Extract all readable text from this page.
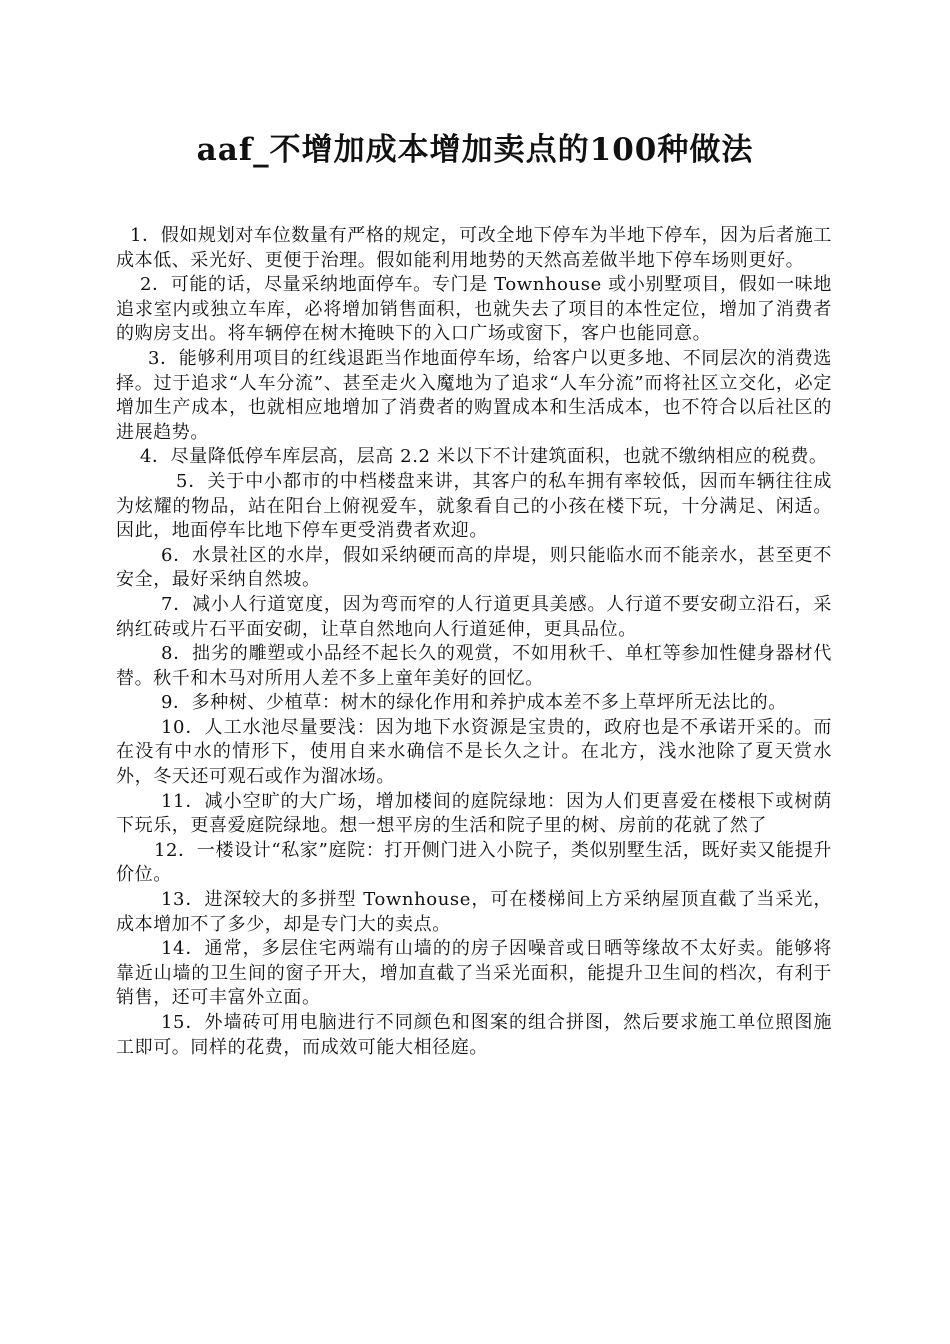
aaf_不增加成本增加卖点的100种做法

1．假如规划对车位数量有严格的规定，可改全地下停车为半地下停车，因为后者施工成本低、采光好、更便于治理。假如能利用地势的天然高差做半地下停车场则更好。

2．可能的话，尽量采纳地面停车。专门是 Townhouse 或小别墅项目，假如一味地追求室内或独立车库，必将增加销售面积，也就失去了项目的本性定位，增加了消费者的购房支出。将车辆停在树木掩映下的入口广场或窗下，客户也能同意。

3．能够利用项目的红线退距当作地面停车场，给客户以更多地、不同层次的消费选择。过于追求“人车分流”、甚至走火入魔地为了追求“人车分流”而将社区立交化，必定增加生产成本，也就相应地增加了消费者的购置成本和生活成本，也不符合以后社区的进展趋势。

4．尽量降低停车库层高，层高 2.2 米以下不计建筑面积，也就不缴纳相应的税费。

5．关于中小都市的中档楼盘来讲，其客户的私车拥有率较低，因而车辆往往成为炫耀的物品，站在阳台上俯视爱车，就象看自己的小孩在楼下玩，十分满足、闲适。因此，地面停车比地下停车更受消费者欢迎。

6．水景社区的水岸，假如采纳硬而高的岸堤，则只能临水而不能亲水，甚至更不安全，最好采纳自然坡。

7．减小人行道宽度，因为弯而窄的人行道更具美感。人行道不要安砌立沿石，采纳红砖或片石平面安砌，让草自然地向人行道延伸，更具品位。

8．拙劣的雕塑或小品经不起长久的观赏，不如用秋千、单杠等参加性健身器材代替。秋千和木马对所用人差不多上童年美好的回忆。

9．多种树、少植草：树木的绿化作用和养护成本差不多上草坪所无法比的。

10．人工水池尽量要浅：因为地下水资源是宝贵的，政府也是不承诺开采的。而在没有中水的情形下，使用自来水确信不是长久之计。在北方，浅水池除了夏天赏水外，冬天还可观石或作为溜冰场。

11．减小空旷的大广场，增加楼间的庭院绿地：因为人们更喜爱在楼根下或树荫下玩乐，更喜爱庭院绿地。想一想平房的生活和院子里的树、房前的花就了然了

12．一楼设计“私家”庭院：打开侧门进入小院子，类似别墅生活，既好卖又能提升价位。

13．进深较大的多拼型 Townhouse，可在楼梯间上方采纳屋顶直截了当采光，成本增加不了多少，却是专门大的卖点。

14．通常，多层住宅两端有山墙的的房子因噪音或日晒等缘故不太好卖。能够将靠近山墙的卫生间的窗子开大，增加直截了当采光面积，能提升卫生间的档次，有利于销售，还可丰富外立面。

15．外墙砖可用电脑进行不同颜色和图案的组合拼图，然后要求施工单位照图施工即可。同样的花费，而成效可能大相径庭。
